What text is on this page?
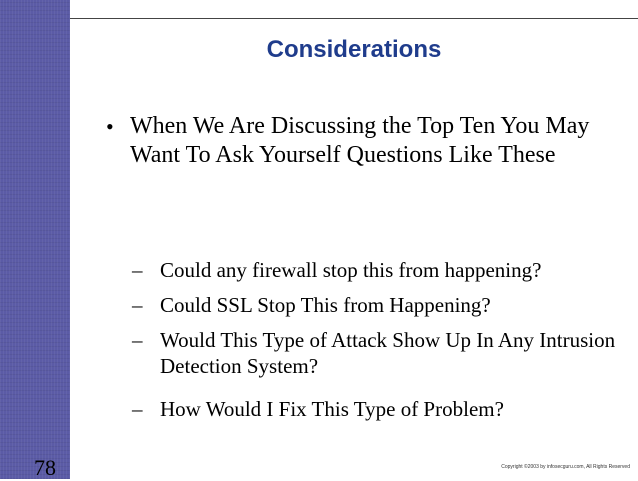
Considerations
• When We Are Discussing the Top Ten You May Want To Ask Yourself Questions Like These
– Could any firewall stop this from happening?
– Could SSL Stop This from Happening?
– Would This Type of Attack Show Up In Any Intrusion Detection System?
– How Would I Fix This Type of Problem?
78	Copyright ©2003 by infosecguru.com, All Rights Reserved
